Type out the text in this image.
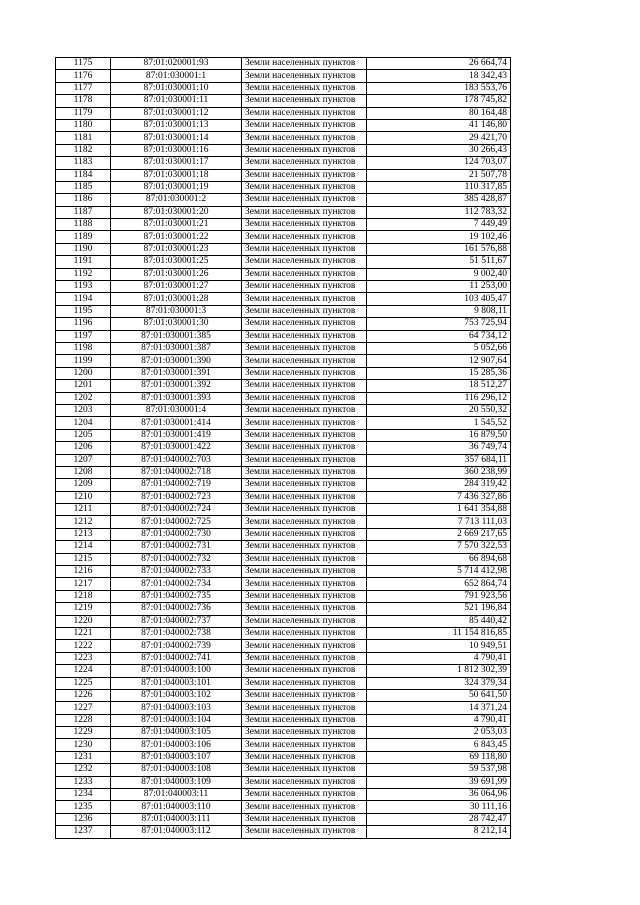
1175	87:01:020001:93	Земли населенных пунктов	26 664,74
1176	87:01:030001:1	Земли населенных пунктов	18 342,43
1177	87:01:030001:10	Земли населенных пунктов	183 553,76
1178	87:01:030001:11	Земли населенных пунктов	178 745,82
1179	87:01:030001:12	Земли населенных пунктов	80 164,48
1180	87:01:030001:13	Земли населенных пунктов	41 146,80
1181	87:01:030001:14	Земли населенных пунктов	29 421,70
1182	87:01:030001:16	Земли населенных пунктов	30 266,43
1183	87:01:030001:17	Земли населенных пунктов	124 703,07
1184	87:01:030001:18	Земли населенных пунктов	21 507,78
1185	87:01:030001:19	Земли населенных пунктов	110 317,85
1186	87:01:030001:2	Земли населенных пунктов	385 428,87
1187	87:01:030001:20	Земли населенных пунктов	112 783,32
1188	87:01:030001:21	Земли населенных пунктов	7 449,49
1189	87:01:030001:22	Земли населенных пунктов	19 102,46
1190	87:01:030001:23	Земли населенных пунктов	161 576,88
1191	87:01:030001:25	Земли населенных пунктов	51 511,67
1192	87:01:030001:26	Земли населенных пунктов	9 002,40
1193	87:01:030001:27	Земли населенных пунктов	11 253,00
1194	87:01:030001:28	Земли населенных пунктов	103 405,47
1195	87:01:030001:3	Земли населенных пунктов	9 808,11
1196	87:01:030001:30	Земли населенных пунктов	753 725,94
1197	87:01:030001:385	Земли населенных пунктов	64 734,12
1198	87:01:030001:387	Земли населенных пунктов	5 052,66
1199	87:01:030001:390	Земли населенных пунктов	12 907,64
1200	87:01:030001:391	Земли населенных пунктов	15 285,36
1201	87:01:030001:392	Земли населенных пунктов	18 512,27
1202	87:01:030001:393	Земли населенных пунктов	116 296,12
1203	87:01:030001:4	Земли населенных пунктов	20 550,32
1204	87:01:030001:414	Земли населенных пунктов	1 545,52
1205	87:01:030001:419	Земли населенных пунктов	16 879,50
1206	87:01:030001:422	Земли населенных пунктов	36 749,74
1207	87:01:040002:703	Земли населенных пунктов	357 684,11
1208	87:01:040002:718	Земли населенных пунктов	360 238,99
1209	87:01:040002:719	Земли населенных пунктов	284 319,42
1210	87:01:040002:723	Земли населенных пунктов	7 436 327,86
1211	87:01:040002:724	Земли населенных пунктов	1 641 354,88
1212	87:01:040002:725	Земли населенных пунктов	7 713 111,03
1213	87:01:040002:730	Земли населенных пунктов	2 669 217,65
1214	87:01:040002:731	Земли населенных пунктов	7 570 322,53
1215	87:01:040002:732	Земли населенных пунктов	66 894,68
1216	87:01:040002:733	Земли населенных пунктов	5 714 412,98
1217	87:01:040002:734	Земли населенных пунктов	652 864,74
1218	87:01:040002:735	Земли населенных пунктов	791 923,56
1219	87:01:040002:736	Земли населенных пунктов	521 196,84
1220	87:01:040002:737	Земли населенных пунктов	85 440,42
1221	87:01:040002:738	Земли населенных пунктов	11 154 816,85
1222	87:01:040002:739	Земли населенных пунктов	10 949,51
1223	87:01:040002:741	Земли населенных пунктов	4 790,41
1224	87:01:040003:100	Земли населенных пунктов	1 812 302,39
1225	87:01:040003:101	Земли населенных пунктов	324 379,34
1226	87:01:040003:102	Земли населенных пунктов	50 641,50
1227	87:01:040003:103	Земли населенных пунктов	14 371,24
1228	87:01:040003:104	Земли населенных пунктов	4 790,41
1229	87:01:040003:105	Земли населенных пунктов	2 053,03
1230	87:01:040003:106	Земли населенных пунктов	6 843,45
1231	87:01:040003:107	Земли населенных пунктов	69 118,80
1232	87:01:040003:108	Земли населенных пунктов	59 537,98
1233	87:01:040003:109	Земли населенных пунктов	39 691,99
1234	87:01:040003:11	Земли населенных пунктов	36 064,96
1235	87:01:040003:110	Земли населенных пунктов	30 111,16
1236	87:01:040003:111	Земли населенных пунктов	28 742,47
1237	87:01:040003:112	Земли населенных пунктов	8 212,14
